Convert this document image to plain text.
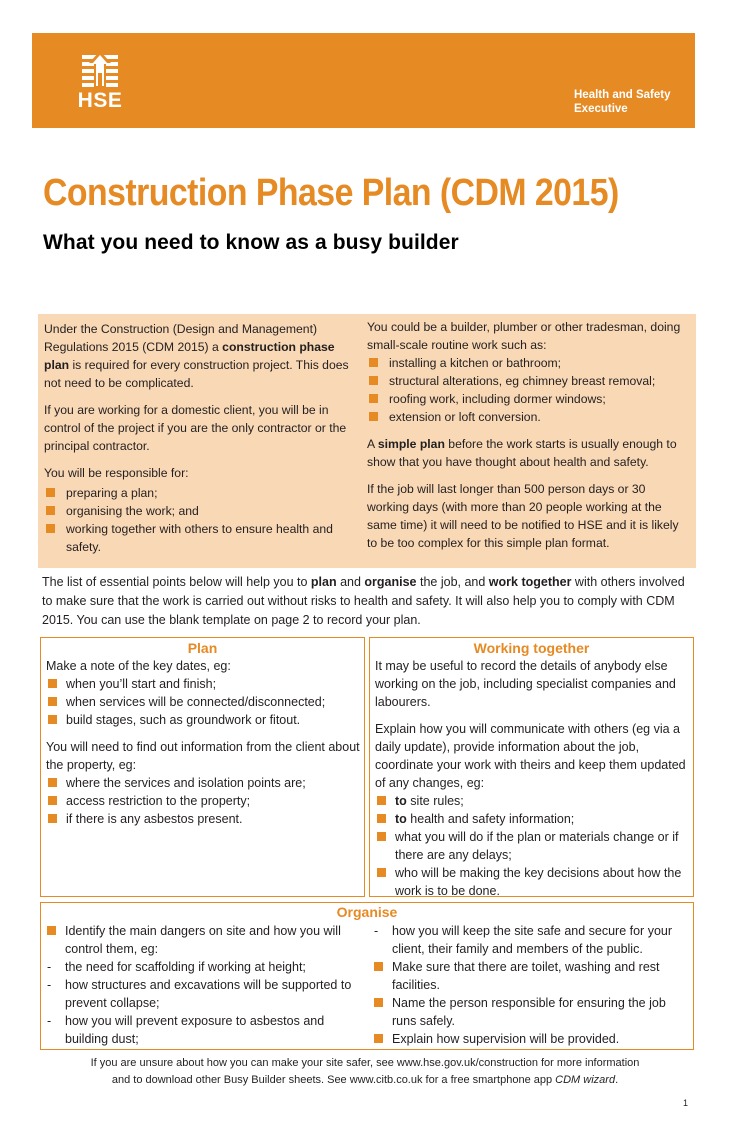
HSE	Health and Safety
Executive
Construction Phase Plan (CDM 2015)
What you need to know as a busy builder

Under the Construction (Design and Management) Regulations 2015 (CDM 2015) a construction phase plan is required for every construction project. This does not need to be complicated.

If you are working for a domestic client, you will be in control of the project if you are the only contractor or the principal contractor.

You will be responsible for:

preparing a plan;
organising the work; and
working together with others to ensure health and safety.

You could be a builder, plumber or other tradesman, doing small-scale routine work such as:

installing a kitchen or bathroom;
structural alterations, eg chimney breast removal;
roofing work, including dormer windows;
extension or loft conversion.

A simple plan before the work starts is usually enough to show that you have thought about health and safety.

If the job will last longer than 500 person days or 30 working days (with more than 20 people working at the same time) it will need to be notified to HSE and it is likely to be too complex for this simple plan format.

The list of essential points below will help you to plan and organise the job, and work together with others involved to make sure that the work is carried out without risks to health and safety. It will also help you to comply with CDM 2015. You can use the blank template on page 2 to record your plan.
Plan

Make a note of the key dates, eg:

when you’ll start and finish;
when services will be connected/disconnected;
build stages, such as groundwork or fitout.

You will need to find out information from the client about the property, eg:

where the services and isolation points are;
access restriction to the property;
if there is any asbestos present.
Working together

It may be useful to record the details of anybody else working on the job, including specialist companies and labourers.

Explain how you will communicate with others (eg via a daily update), provide information about the job, coordinate your work with theirs and keep them updated of any changes, eg:

to site rules;
to health and safety information;
what you will do if the plan or materials change or if there are any delays;
who will be making the key decisions about how the work is to be done.
Organise
Identify the main dangers on site and how you will control them, eg:
- the need for scaffolding if working at height;
- how structures and excavations will be supported to prevent collapse;
- how you will prevent exposure to asbestos and building dust;
- how you will keep the site safe and secure for your client, their family and members of the public.
Make sure that there are toilet, washing and rest facilities.
Name the person responsible for ensuring the job runs safely.
Explain how supervision will be provided.
If you are unsure about how you can make your site safer, see www.hse.gov.uk/construction for more information
and to download other Busy Builder sheets. See www.citb.co.uk for a free smartphone app CDM wizard.
1
